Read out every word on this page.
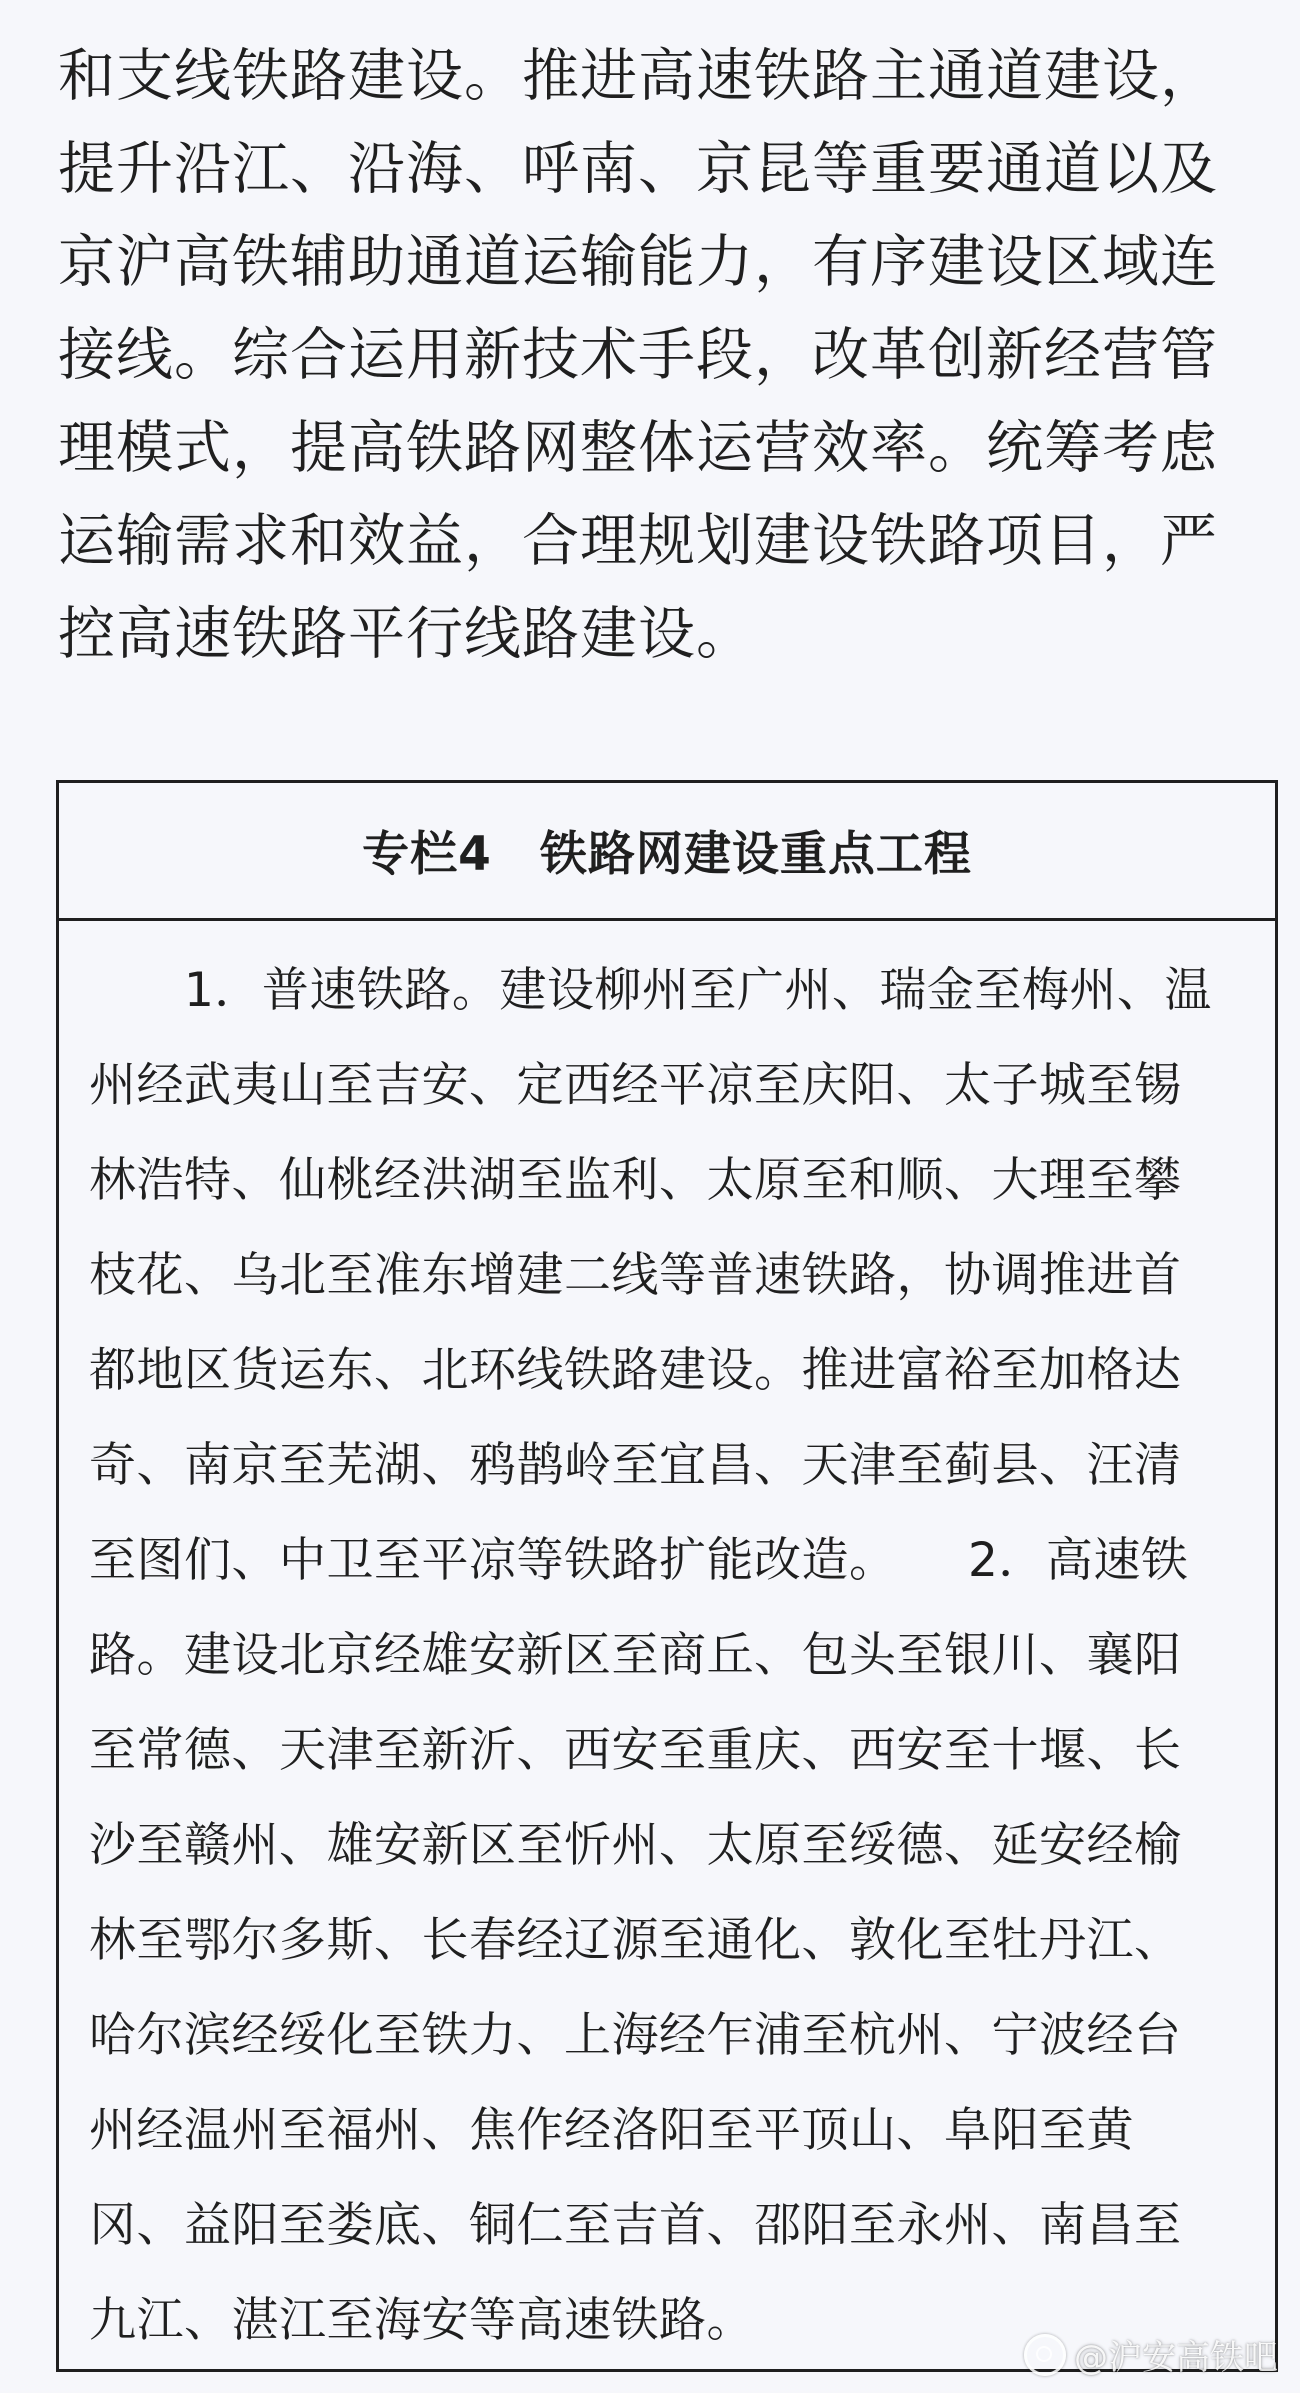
和支线铁路建设。推进高速铁路主通道建设，提升沿江、沿海、呼南、京昆等重要通道以及京沪高铁辅助通道运输能力，有序建设区域连接线。综合运用新技术手段，改革创新经营管理模式，提高铁路网整体运营效率。统筹考虑运输需求和效益，合理规划建设铁路项目，严控高速铁路平行线路建设。

专栏4　铁路网建设重点工程

　　1．普速铁路。建设柳州至广州、瑞金至梅州、温州经武夷山至吉安、定西经平凉至庆阳、太子城至锡林浩特、仙桃经洪湖至监利、太原至和顺、大理至攀枝花、乌北至准东增建二线等普速铁路，协调推进首都地区货运东、北环线铁路建设。推进富裕至加格达奇、南京至芜湖、鸦鹊岭至宜昌、天津至蓟县、汪清至图们、中卫至平凉等铁路扩能改造。　　2．高速铁路。建设北京经雄安新区至商丘、包头至银川、襄阳至常德、天津至新沂、西安至重庆、西安至十堰、长沙至赣州、雄安新区至忻州、太原至绥德、延安经榆林至鄂尔多斯、长春经辽源至通化、敦化至牡丹江、哈尔滨经绥化至铁力、上海经乍浦至杭州、宁波经台州经温州至福州、焦作经洛阳至平顶山、阜阳至黄冈、益阳至娄底、铜仁至吉首、邵阳至永州、南昌至九江、湛江至海安等高速铁路。

@沪安高铁吧
